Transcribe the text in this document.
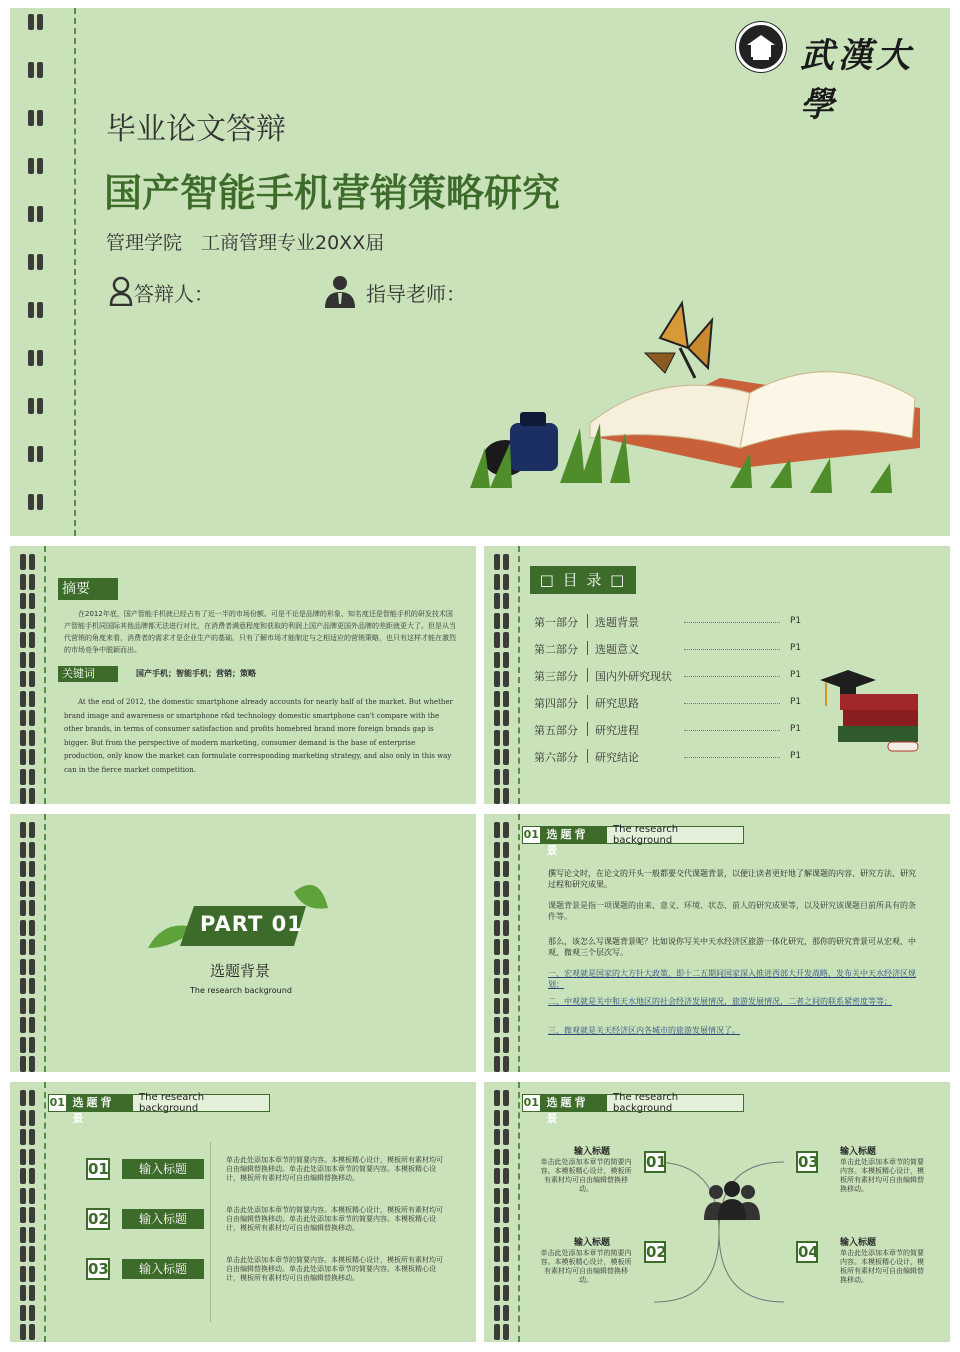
武漢大學
毕业论文答辩
国产智能手机营销策略研究
管理学院　工商管理专业20XX届
答辩人：	指导老师：
摘要
在2012年底，国产智能手机就已经占有了近一半的市场份额。可是不论是品牌的形象、知名度还是智能手机的研发技术国产智能手机同国际其他品牌都无法进行对比，在消费者满意程度和获取的利润上国产品牌更国外品牌的差距就更大了。但是从当代营销的角度来看，消费者的需求才是企业生产的基础，只有了解市场才能制定与之相适应的营销策略，也只有这样才能在激烈的市场竞争中脱颖而出。
关键词	国产手机；智能手机；营销；策略
At the end of 2012, the domestic smartphone already accounts for nearly half of the market. But whether brand image and awareness or smartphone r&d technology domestic smartphone can't compare with the other brands, in terms of consumer satisfaction and profits homebred brand more foreign brands gap is bigger. But from the perspective of modern marketing, consumer demand is the base of enterprise production, only know the market can formulate corresponding marketing strategy, and also only in this way can in the fierce market competition.
□ 目 录 □
第一部分 选题背景	P1
第二部分 选题意义	P1
第三部分 国内外研究现状	P1
第四部分 研究思路	P1
第五部分 研究进程	P1
第六部分 研究结论	P1
PART 01
选题背景
The research background
01 选题背景
The research background
撰写论文时，在论文的开头一般都要交代课题背景，以便让读者更好地了解课题的内容、研究方法、研究过程和研究成果。
课题背景是指一项课题的由来、意义、环境、状态、前人的研究成果等，以及研究该课题目前所具有的条件等。
那么，该怎么写课题背景呢？比如说你写关中天水经济区旅游一体化研究，那你的研究背景可从宏观、中观、微观三个层次写。
一、宏观就是国家的大方针大政策，即十二五期间国家深入推进西部大开发战略，发布关中天水经济区规划；
二、中观就是关中和天水地区的社会经济发展情况，旅游发展情况，二者之间的联系紧密度等等；
三、微观就是关天经济区内各城市的旅游发展情况了。
01 选题背景
The research background
01	输入标题
单击此处添加本章节的简要内容。本模板精心设计，模板所有素材均可自由编辑替换移动。单击此处添加本章节的简要内容。本模板精心设计，模板所有素材均可自由编辑替换移动。
02	输入标题
单击此处添加本章节的简要内容。本模板精心设计，模板所有素材均可自由编辑替换移动。单击此处添加本章节的简要内容。本模板精心设计，模板所有素材均可自由编辑替换移动。
03	输入标题
单击此处添加本章节的简要内容。本模板精心设计，模板所有素材均可自由编辑替换移动。单击此处添加本章节的简要内容。本模板精心设计，模板所有素材均可自由编辑替换移动。
01 选题背景
The research background
01
输入标题
单击此处添加本章节的简要内容。本模板精心设计，模板所有素材均可自由编辑替换移动。
02
输入标题
单击此处添加本章节的简要内容。本模板精心设计，模板所有素材均可自由编辑替换移动。
03
输入标题
单击此处添加本章节的简要内容。本模板精心设计，模板所有素材均可自由编辑替换移动。
04 输入标题
单击此处添加本章节的简要内容。本模板精心设计，模板所有素材均可自由编辑替换移动。
